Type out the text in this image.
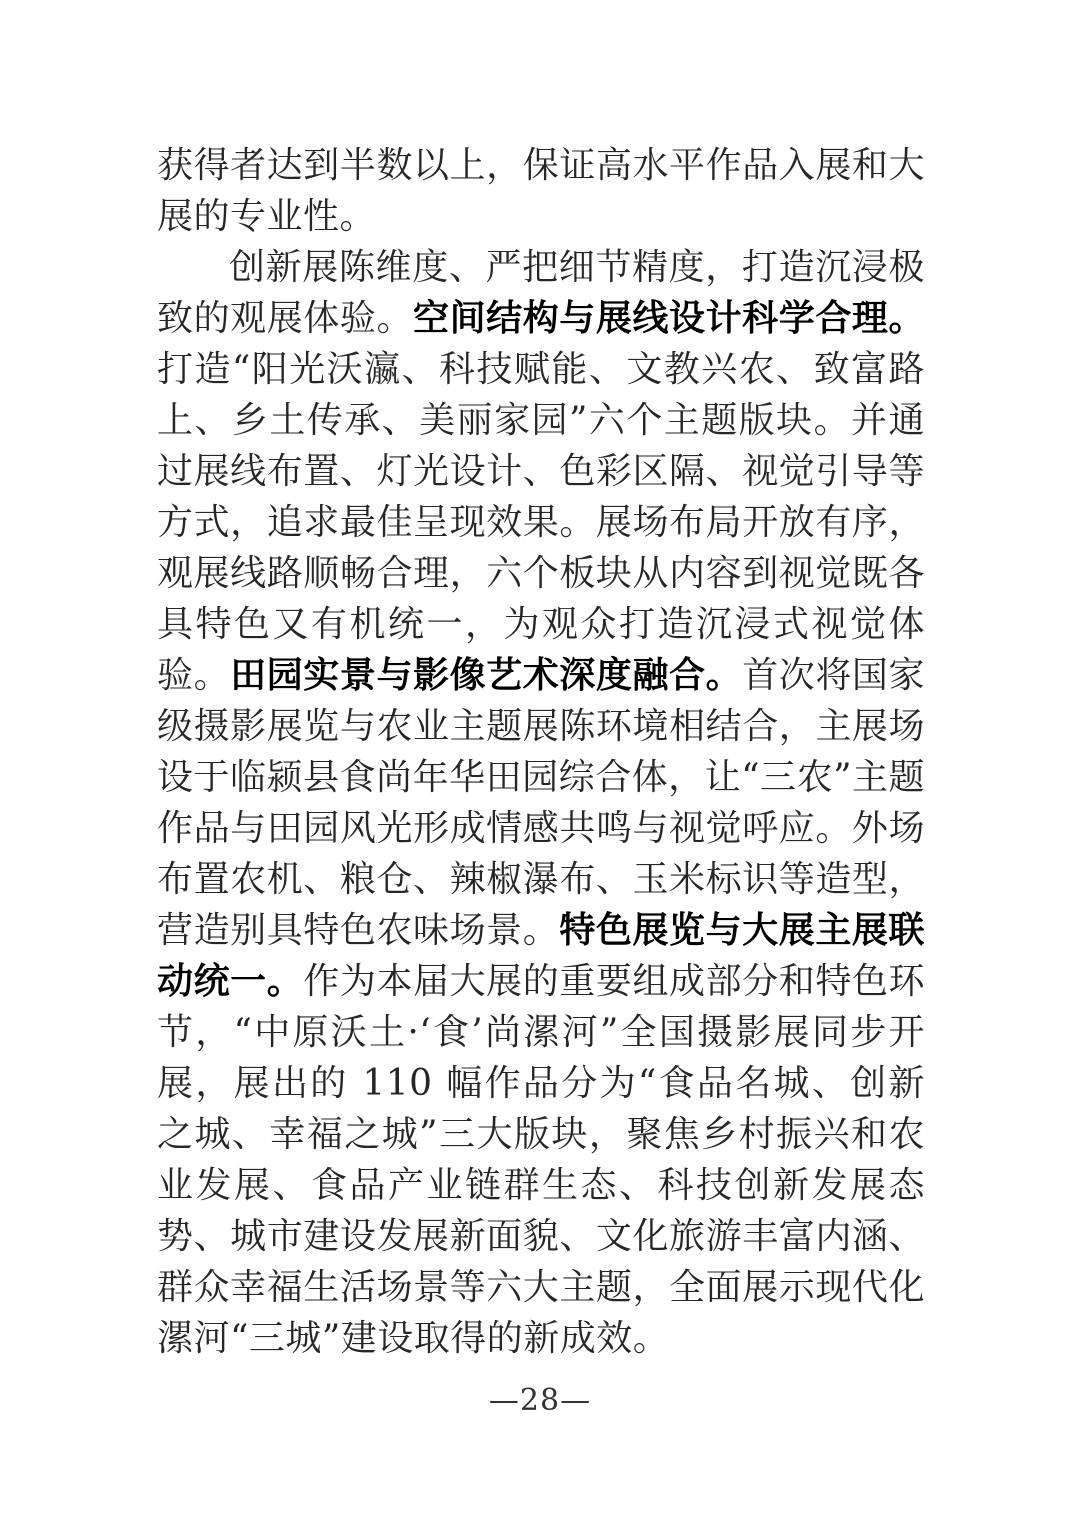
获得者达到半数以上，保证高水平作品入展和大展的专业性。

创新展陈维度、严把细节精度，打造沉浸极致的观展体验。空间结构与展线设计科学合理。打造“阳光沃瀛、科技赋能、文教兴农、致富路上、乡土传承、美丽家园”六个主题版块。并通过展线布置、灯光设计、色彩区隔、视觉引导等方式，追求最佳呈现效果。展场布局开放有序，观展线路顺畅合理，六个板块从内容到视觉既各具特色又有机统一，为观众打造沉浸式视觉体验。田园实景与影像艺术深度融合。首次将国家级摄影展览与农业主题展陈环境相结合，主展场设于临颍县食尚年华田园综合体，让“三农”主题作品与田园风光形成情感共鸣与视觉呼应。外场布置农机、粮仓、辣椒瀑布、玉米标识等造型，营造别具特色农味场景。特色展览与大展主展联动统一。作为本届大展的重要组成部分和特色环节，“中原沃土·‘食’尚漯河”全国摄影展同步开展，展出的 110 幅作品分为“食品名城、创新之城、幸福之城”三大版块，聚焦乡村振兴和农业发展、食品产业链群生态、科技创新发展态势、城市建设发展新面貌、文化旅游丰富内涵、群众幸福生活场景等六大主题，全面展示现代化漯河“三城”建设取得的新成效。

—28—
